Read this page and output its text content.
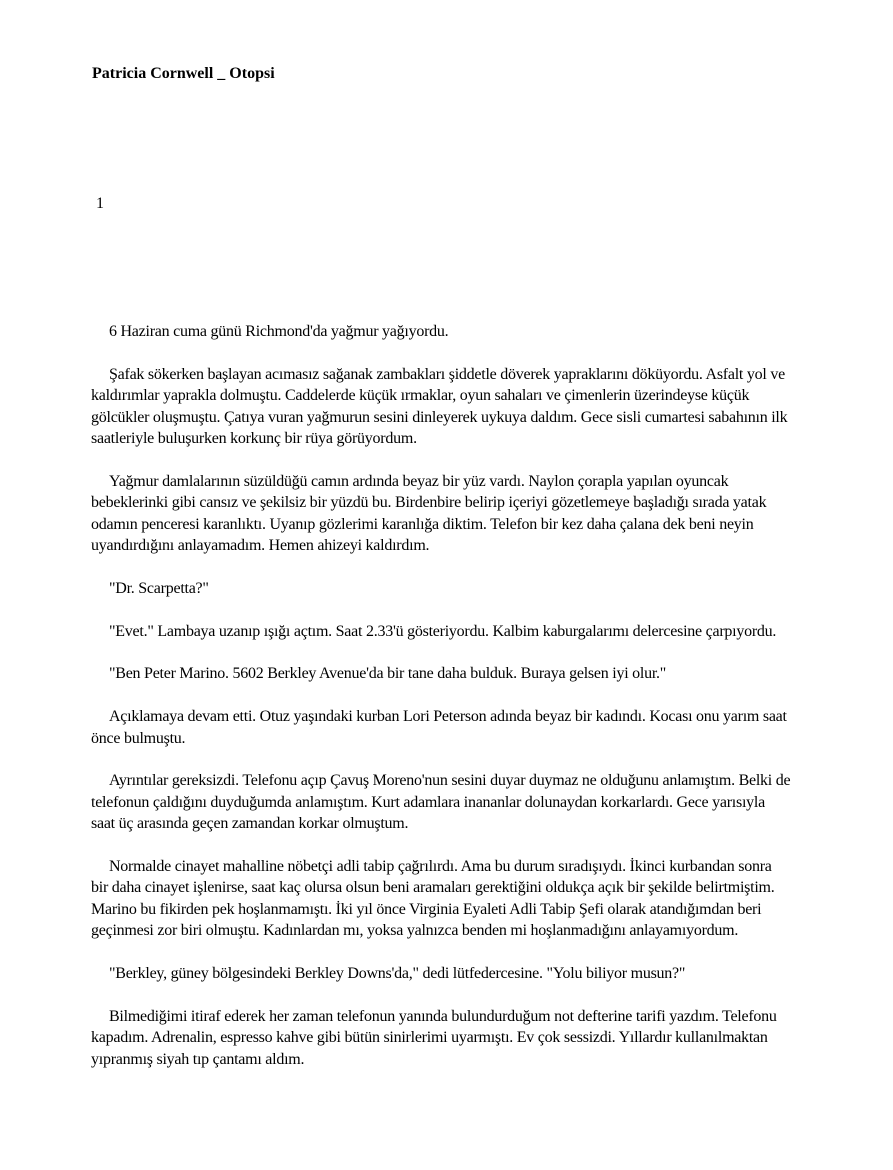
Patricia Cornwell _ Otopsi
1

6 Haziran cuma günü Richmond'da yağmur yağıyordu.

Şafak sökerken başlayan acımasız sağanak zambakları şiddetle döverek yapraklarını döküyordu. Asfalt yol ve kaldırımlar yaprakla dolmuştu. Caddelerde küçük ırmaklar, oyun sahaları ve çimenlerin üzerindeyse küçük gölcükler oluşmuştu. Çatıya vuran yağmurun sesini dinleyerek uykuya daldım. Gece sisli cumartesi sabahının ilk saatleriyle buluşurken korkunç bir rüya görüyordum.

Yağmur damlalarının süzüldüğü camın ardında beyaz bir yüz vardı. Naylon çorapla yapılan oyuncak bebeklerinki gibi cansız ve şekilsiz bir yüzdü bu. Birdenbire belirip içeriyi gözetlemeye başladığı sırada yatak odamın penceresi karanlıktı. Uyanıp gözlerimi karanlığa diktim. Telefon bir kez daha çalana dek beni neyin uyandırdığını anlayamadım. Hemen ahizeyi kaldırdım.

"Dr. Scarpetta?"

"Evet." Lambaya uzanıp ışığı açtım. Saat 2.33'ü gösteriyordu. Kalbim kaburgalarımı delercesine çarpıyordu.

"Ben Peter Marino. 5602 Berkley Avenue'da bir tane daha bulduk. Buraya gelsen iyi olur."

Açıklamaya devam etti. Otuz yaşındaki kurban Lori Peterson adında beyaz bir kadındı. Kocası onu yarım saat önce bulmuştu.

Ayrıntılar gereksizdi. Telefonu açıp Çavuş Moreno'nun sesini duyar duymaz ne olduğunu anlamıştım. Belki de telefonun çaldığını duyduğumda anlamıştım. Kurt adamlara inananlar dolunaydan korkarlardı. Gece yarısıyla saat üç arasında geçen zamandan korkar olmuştum.

Normalde cinayet mahalline nöbetçi adli tabip çağrılırdı. Ama bu durum sıradışıydı. İkinci kurbandan sonra bir daha cinayet işlenirse, saat kaç olursa olsun beni aramaları gerektiğini oldukça açık bir şekilde belirtmiştim. Marino bu fikirden pek hoşlanmamıştı. İki yıl önce Virginia Eyaleti Adli Tabip Şefi olarak atandığımdan beri geçinmesi zor biri olmuştu. Kadınlardan mı, yoksa yalnızca benden mi hoşlanmadığını anlayamıyordum.

"Berkley, güney bölgesindeki Berkley Downs'da," dedi lütfedercesine. "Yolu biliyor musun?"

Bilmediğimi itiraf ederek her zaman telefonun yanında bulundurduğum not defterine tarifi yazdım. Telefonu kapadım. Adrenalin, espresso kahve gibi bütün sinirlerimi uyarmıştı. Ev çok sessizdi. Yıllardır kullanılmaktan yıpranmış siyah tıp çantamı aldım.
